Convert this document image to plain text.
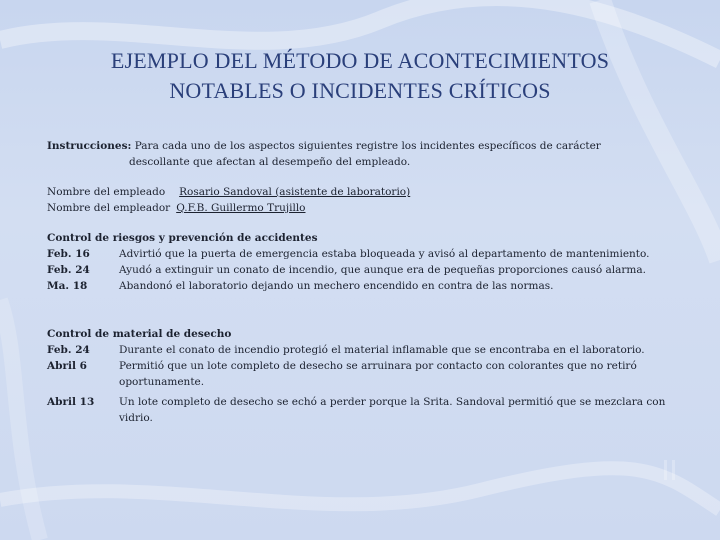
EJEMPLO DEL MÉTODO DE ACONTECIMIENTOS
NOTABLES O INCIDENTES CRÍTICOS

Instrucciones: Para cada uno de los aspectos siguientes registre los incidentes específicos de carácter

descollante que afectan al desempeño del empleado.

Nombre del empleado Rosario Sandoval (asistente de laboratorio)
Nombre del empleador Q.F.B. Guillermo Trujillo

Control de riesgos y prevención de accidentes

Feb. 16	Advirtió que la puerta de emergencia estaba bloqueada y avisó al departamento de mantenimiento.
Feb. 24	Ayudó a extinguir un conato de incendio, que aunque era de pequeñas proporciones causó alarma.
Ma. 18	Abandonó el laboratorio dejando un mechero encendido en contra de las normas.

Control de material de desecho

Feb. 24	Durante el conato de incendio protegió el material inflamable que se encontraba en el laboratorio.
Abril 6	Permitió que un lote completo de desecho se arruinara por contacto con colorantes que no retiró oportunamente.
Abril 13	Un lote completo de desecho se echó a perder porque la Srita. Sandoval permitió que se mezclara con vidrio.
